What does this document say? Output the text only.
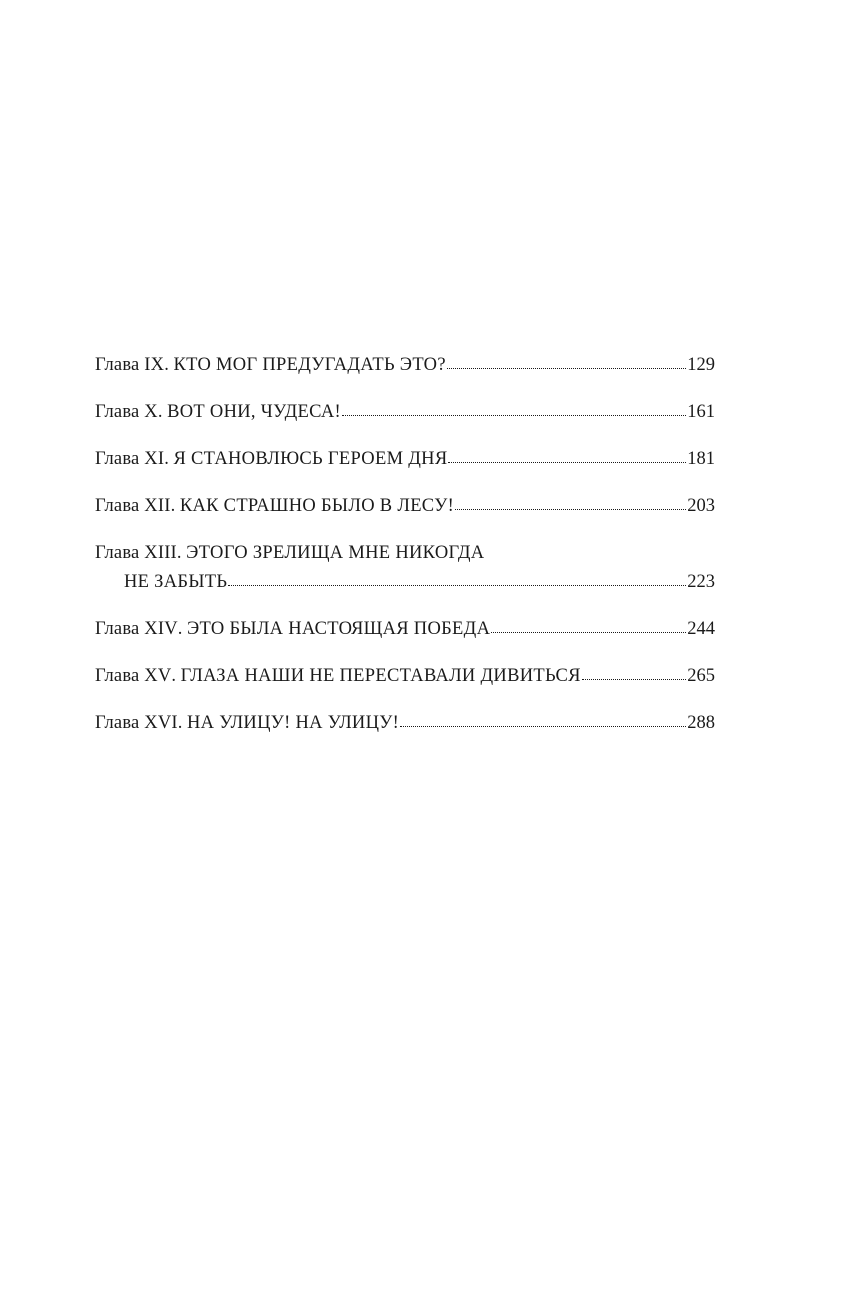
Глава IX . КТО МОГ ПРЕДУГАДАТЬ ЭТО?	129
Глава X . ВОТ ОНИ, ЧУДЕСА!	161
Глава XI . Я СТАНОВЛЮСЬ ГЕРОЕМ ДНЯ	181
Глава XII . КАК СТРАШНО БЫЛО В ЛЕСУ!	203
Глава XIII . ЭТОГО ЗРЕЛИЩА МНЕ НИКОГДА
НЕ ЗАБЫТЬ	223
Глава XIV . ЭТО БЫЛА НАСТОЯЩАЯ ПОБЕДА	244
Глава XV . ГЛАЗА НАШИ НЕ ПЕРЕСТАВАЛИ ДИВИТЬСЯ	265
Глава XVI . НА УЛИЦУ! НА УЛИЦУ!	288
